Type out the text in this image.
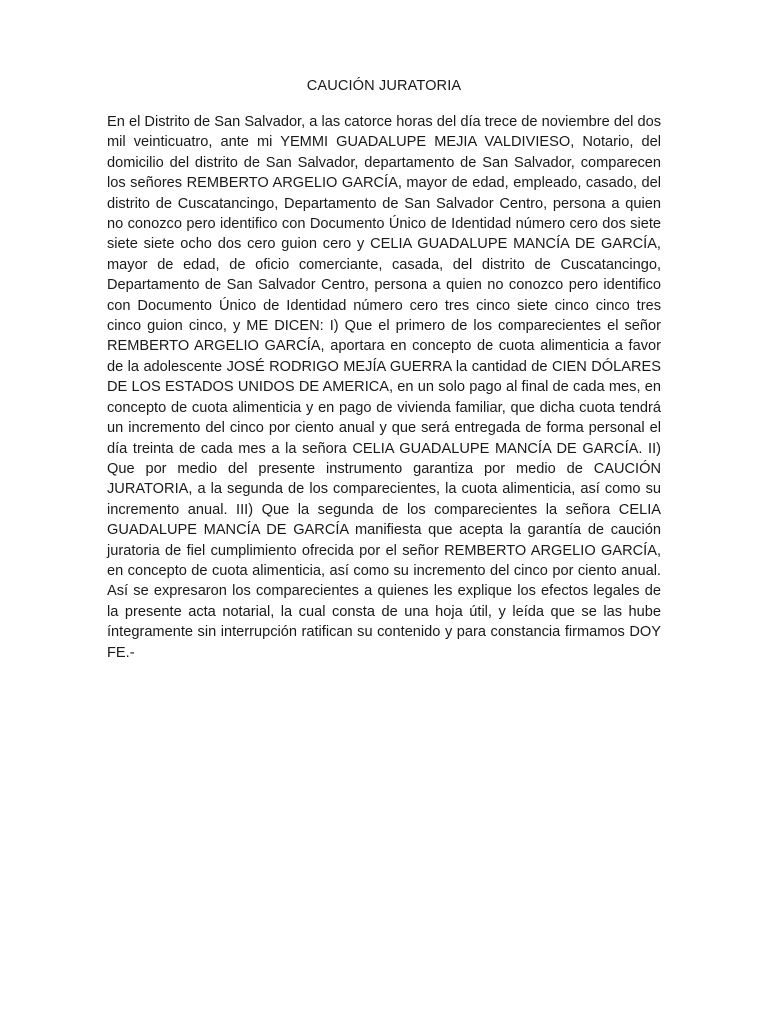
CAUCIÓN JURATORIA

En el Distrito de San Salvador, a las catorce horas del día trece de noviembre del dos mil veinticuatro, ante mi YEMMI GUADALUPE MEJIA VALDIVIESO, Notario, del domicilio del distrito de San Salvador, departamento de San Salvador, comparecen los señores REMBERTO ARGELIO GARCÍA, mayor de edad, empleado, casado, del distrito de Cuscatancingo, Departamento de San Salvador Centro, persona a quien no conozco pero identifico con Documento Único de Identidad número cero dos siete siete siete ocho dos cero guion cero y CELIA GUADALUPE MANCÍA DE GARCÍA, mayor de edad, de oficio comerciante, casada, del distrito de Cuscatancingo, Departamento de San Salvador Centro, persona a quien no conozco pero identifico con Documento Único de Identidad número cero tres cinco siete cinco cinco tres cinco guion cinco, y ME DICEN: I) Que el primero de los comparecientes el señor REMBERTO ARGELIO GARCÍA, aportara en concepto de cuota alimenticia a favor de la adolescente JOSÉ RODRIGO MEJÍA GUERRA la cantidad de CIEN DÓLARES DE LOS ESTADOS UNIDOS DE AMERICA, en un solo pago al final de cada mes, en concepto de cuota alimenticia y en pago de vivienda familiar, que dicha cuota tendrá un incremento del cinco por ciento anual y que será entregada de forma personal el día treinta de cada mes a la señora CELIA GUADALUPE MANCÍA DE GARCÍA. II) Que por medio del presente instrumento garantiza por medio de CAUCIÓN JURATORIA, a la segunda de los comparecientes, la cuota alimenticia, así como su incremento anual. III) Que la segunda de los comparecientes la señora CELIA GUADALUPE MANCÍA DE GARCÍA manifiesta que acepta la garantía de caución juratoria de fiel cumplimiento ofrecida por el señor REMBERTO ARGELIO GARCÍA, en concepto de cuota alimenticia, así como su incremento del cinco por ciento anual. Así se expresaron los comparecientes a quienes les explique los efectos legales de la presente acta notarial, la cual consta de una hoja útil, y leída que se las hube íntegramente sin interrupción ratifican su contenido y para constancia firmamos DOY FE.-
